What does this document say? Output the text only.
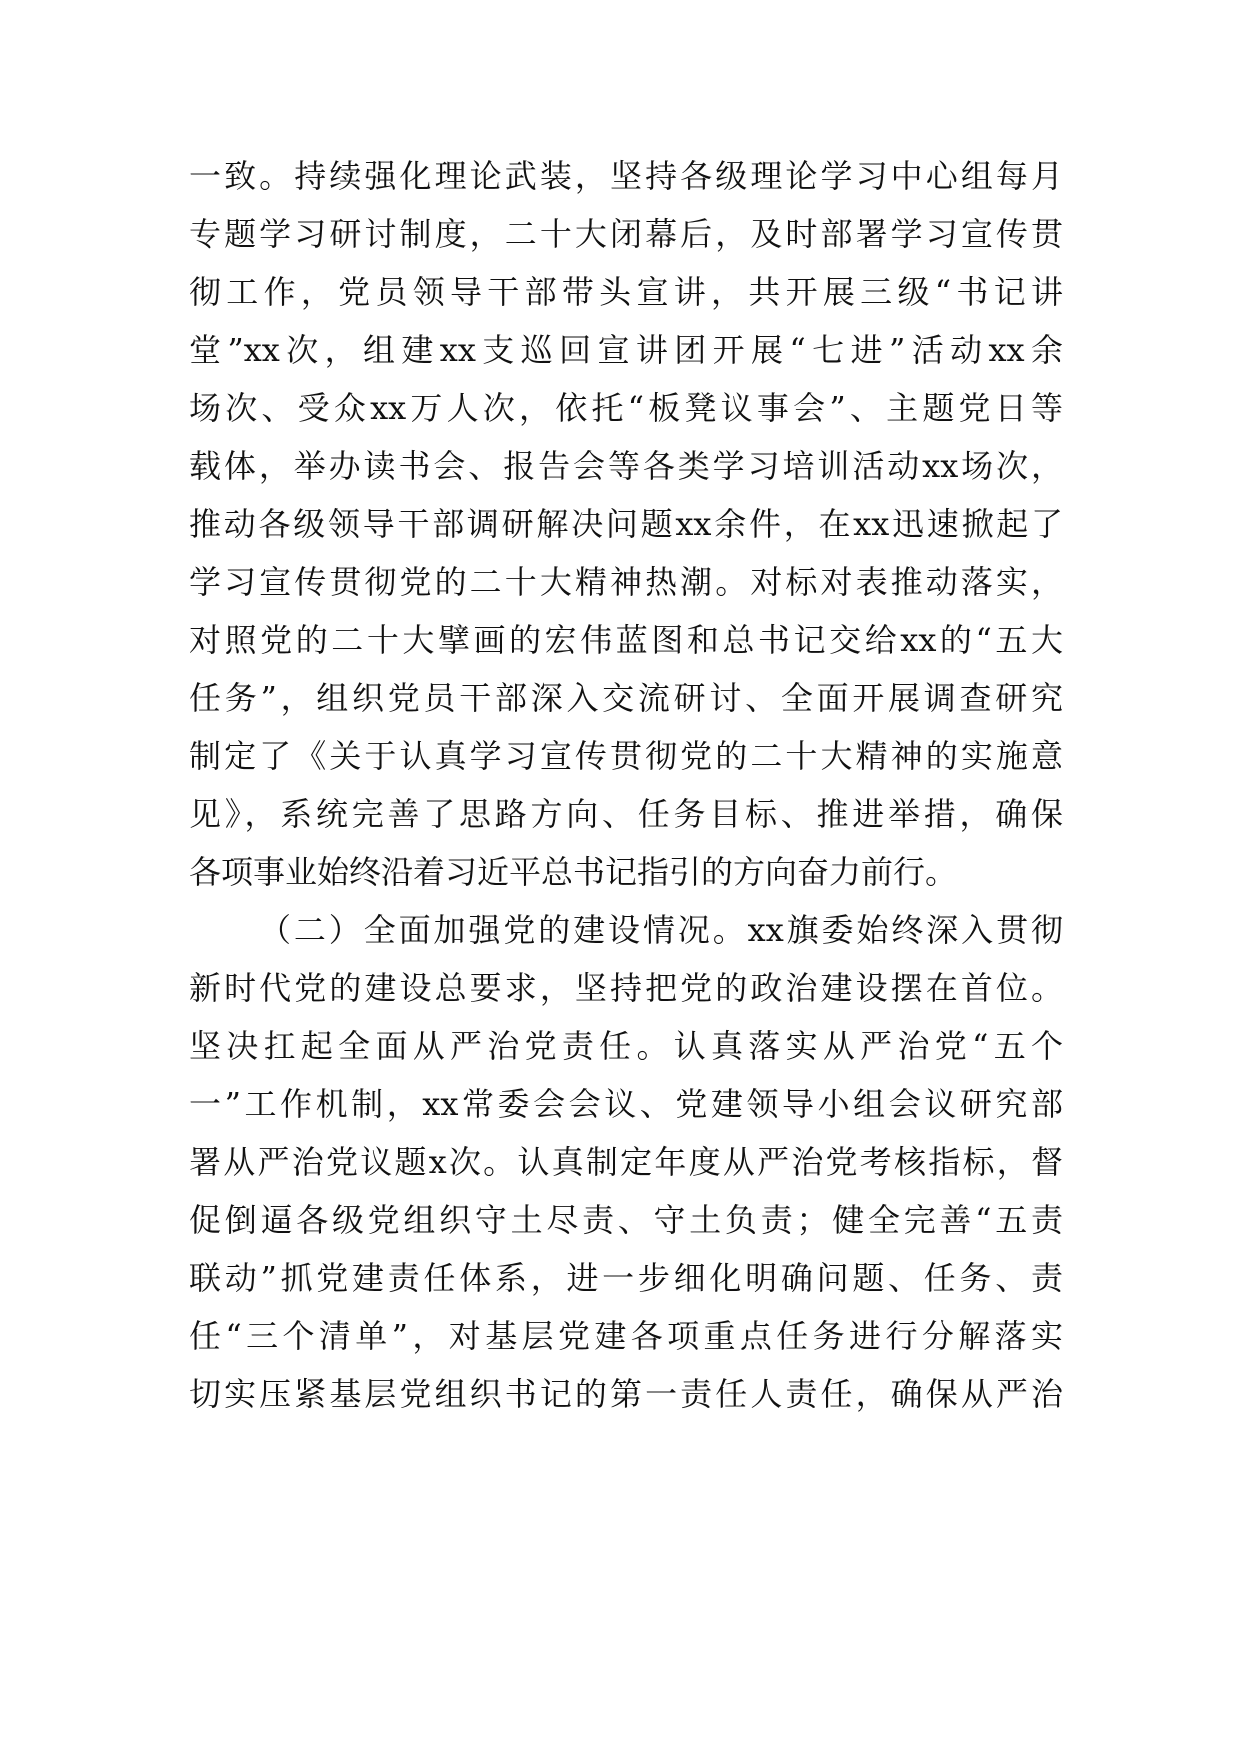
一致。持续强化理论武装，坚持各级理论学习中心组每月
专题学习研讨制度，二十大闭幕后，及时部署学习宣传贯
彻工作，党员领导干部带头宣讲，共开展三级“书记讲
堂”xx次，组建xx支巡回宣讲团开展“七进”活动xx余
场次、受众xx万人次，依托“板凳议事会”、主题党日等
载体，举办读书会、报告会等各类学习培训活动xx场次，
推动各级领导干部调研解决问题xx余件，在xx迅速掀起了
学习宣传贯彻党的二十大精神热潮。对标对表推动落实，
对照党的二十大擘画的宏伟蓝图和总书记交给xx的“五大
任务”，组织党员干部深入交流研讨、全面开展调查研究
制定了《关于认真学习宣传贯彻党的二十大精神的实施意
见》，系统完善了思路方向、任务目标、推进举措，确保
各项事业始终沿着习近平总书记指引的方向奋力前行。
（二）全面加强党的建设情况。xx旗委始终深入贯彻
新时代党的建设总要求，坚持把党的政治建设摆在首位。
坚决扛起全面从严治党责任。认真落实从严治党“五个
一”工作机制，xx常委会会议、党建领导小组会议研究部
署从严治党议题x次。认真制定年度从严治党考核指标，督
促倒逼各级党组织守土尽责、守土负责；健全完善“五责
联动”抓党建责任体系，进一步细化明确问题、任务、责
任“三个清单”，对基层党建各项重点任务进行分解落实
切实压紧基层党组织书记的第一责任人责任，确保从严治
